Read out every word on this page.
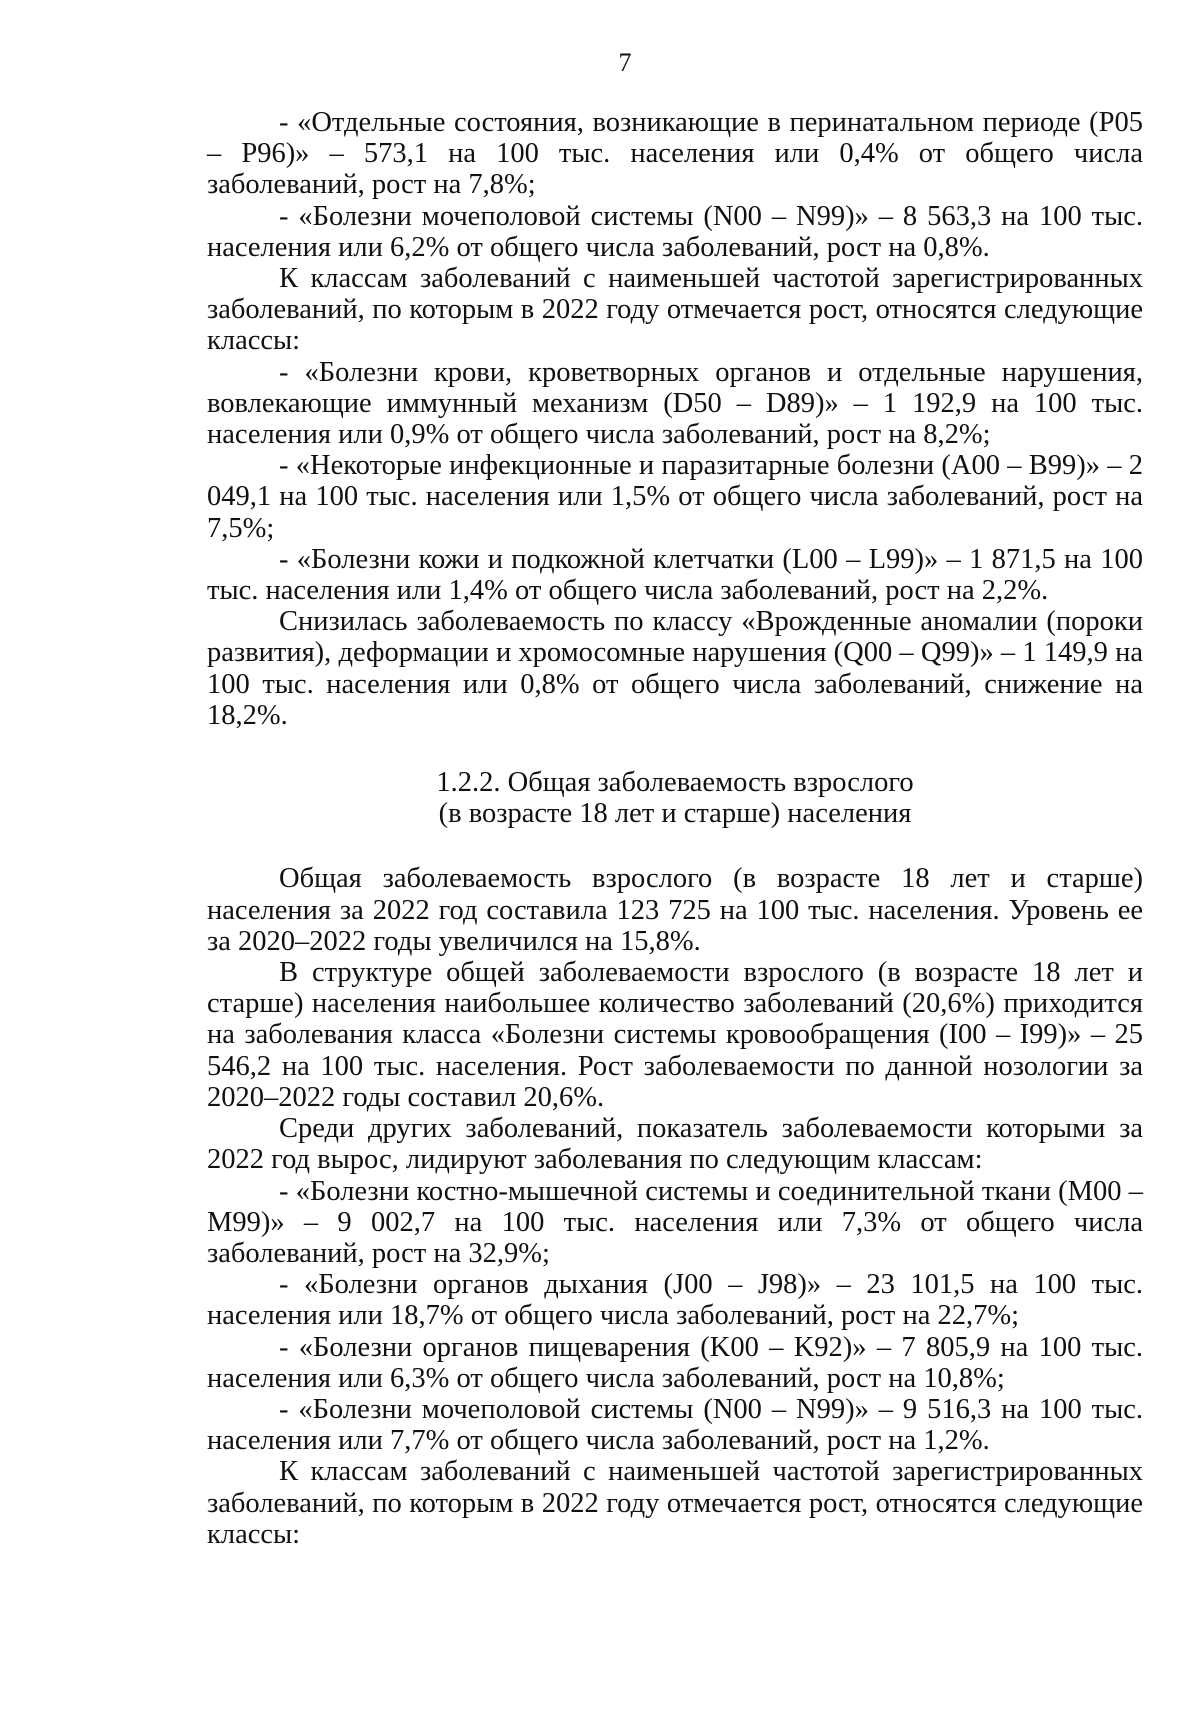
7

- «Отдельные состояния, возникающие в перинатальном периоде (P05 – P96)» – 573,1 на 100 тыс. населения или 0,4% от общего числа заболеваний, рост на 7,8%;

- «Болезни мочеполовой системы (N00 – N99)» – 8 563,3 на 100 тыс. населения или 6,2% от общего числа заболеваний, рост на 0,8%.

К классам заболеваний с наименьшей частотой зарегистрированных заболеваний, по которым в 2022 году отмечается рост, относятся следующие классы:

- «Болезни крови, кроветворных органов и отдельные нарушения, вовлекающие иммунный механизм (D50 – D89)» – 1 192,9 на 100 тыс. населения или 0,9% от общего числа заболеваний, рост на 8,2%;

- «Некоторые инфекционные и паразитарные болезни (A00 – B99)» – 2 049,1 на 100 тыс. населения или 1,5% от общего числа заболеваний, рост на 7,5%;

- «Болезни кожи и подкожной клетчатки (L00 – L99)» – 1 871,5 на 100 тыс. населения или 1,4% от общего числа заболеваний, рост на 2,2%.

Снизилась заболеваемость по классу «Врожденные аномалии (пороки развития), деформации и хромосомные нарушения (Q00 – Q99)» – 1 149,9 на 100 тыс. населения или 0,8% от общего числа заболеваний, снижение на 18,2%.

1.2.2. Общая заболеваемость взрослого
(в возрасте 18 лет и старше) населения

Общая заболеваемость взрослого (в возрасте 18 лет и старше) населения за 2022 год составила 123 725 на 100 тыс. населения. Уровень ее за 2020–2022 годы увеличился на 15,8%.

В структуре общей заболеваемости взрослого (в возрасте 18 лет и старше) населения наибольшее количество заболеваний (20,6%) приходится на заболевания класса «Болезни системы кровообращения (I00 – I99)» – 25 546,2 на 100 тыс. населения. Рост заболеваемости по данной нозологии за 2020–2022 годы составил 20,6%.

Среди других заболеваний, показатель заболеваемости которыми за 2022 год вырос, лидируют заболевания по следующим классам:

- «Болезни костно-мышечной системы и соединительной ткани (M00 – M99)» – 9 002,7 на 100 тыс. населения или 7,3% от общего числа заболеваний, рост на 32,9%;

- «Болезни органов дыхания (J00 – J98)» – 23 101,5 на 100 тыс. населения или 18,7% от общего числа заболеваний, рост на 22,7%;

- «Болезни органов пищеварения (K00 – K92)» – 7 805,9 на 100 тыс. населения или 6,3% от общего числа заболеваний, рост на 10,8%;

- «Болезни мочеполовой системы (N00 – N99)» – 9 516,3 на 100 тыс. населения или 7,7% от общего числа заболеваний, рост на 1,2%.

К классам заболеваний с наименьшей частотой зарегистрированных заболеваний, по которым в 2022 году отмечается рост, относятся следующие классы:
